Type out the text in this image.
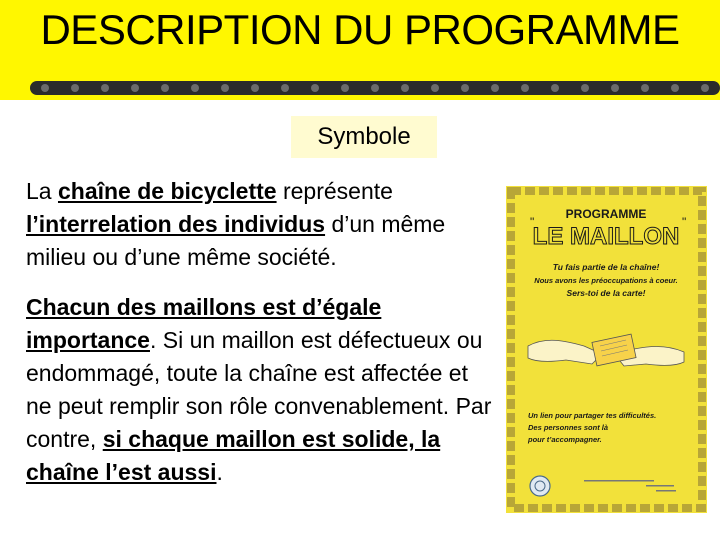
DESCRIPTION DU PROGRAMME
Symbole
La chaîne de bicyclette représente l’interrelation des individus d’un même milieu ou d’une même société.
Chacun des maillons est d’égale importance. Si un maillon est défectueux ou endommagé, toute la chaîne est affectée et ne peut remplir son rôle convenablement. Par contre, si chaque maillon est solide, la chaîne l’est aussi.
PROGRAMME
"
LE MAILLON
"
Tu fais partie de la chaîne!
Nous avons les préoccupations à coeur.
Sers-toi de la carte!
Un lien pour partager tes difficultés.
Des personnes sont là
pour t’accompagner.
